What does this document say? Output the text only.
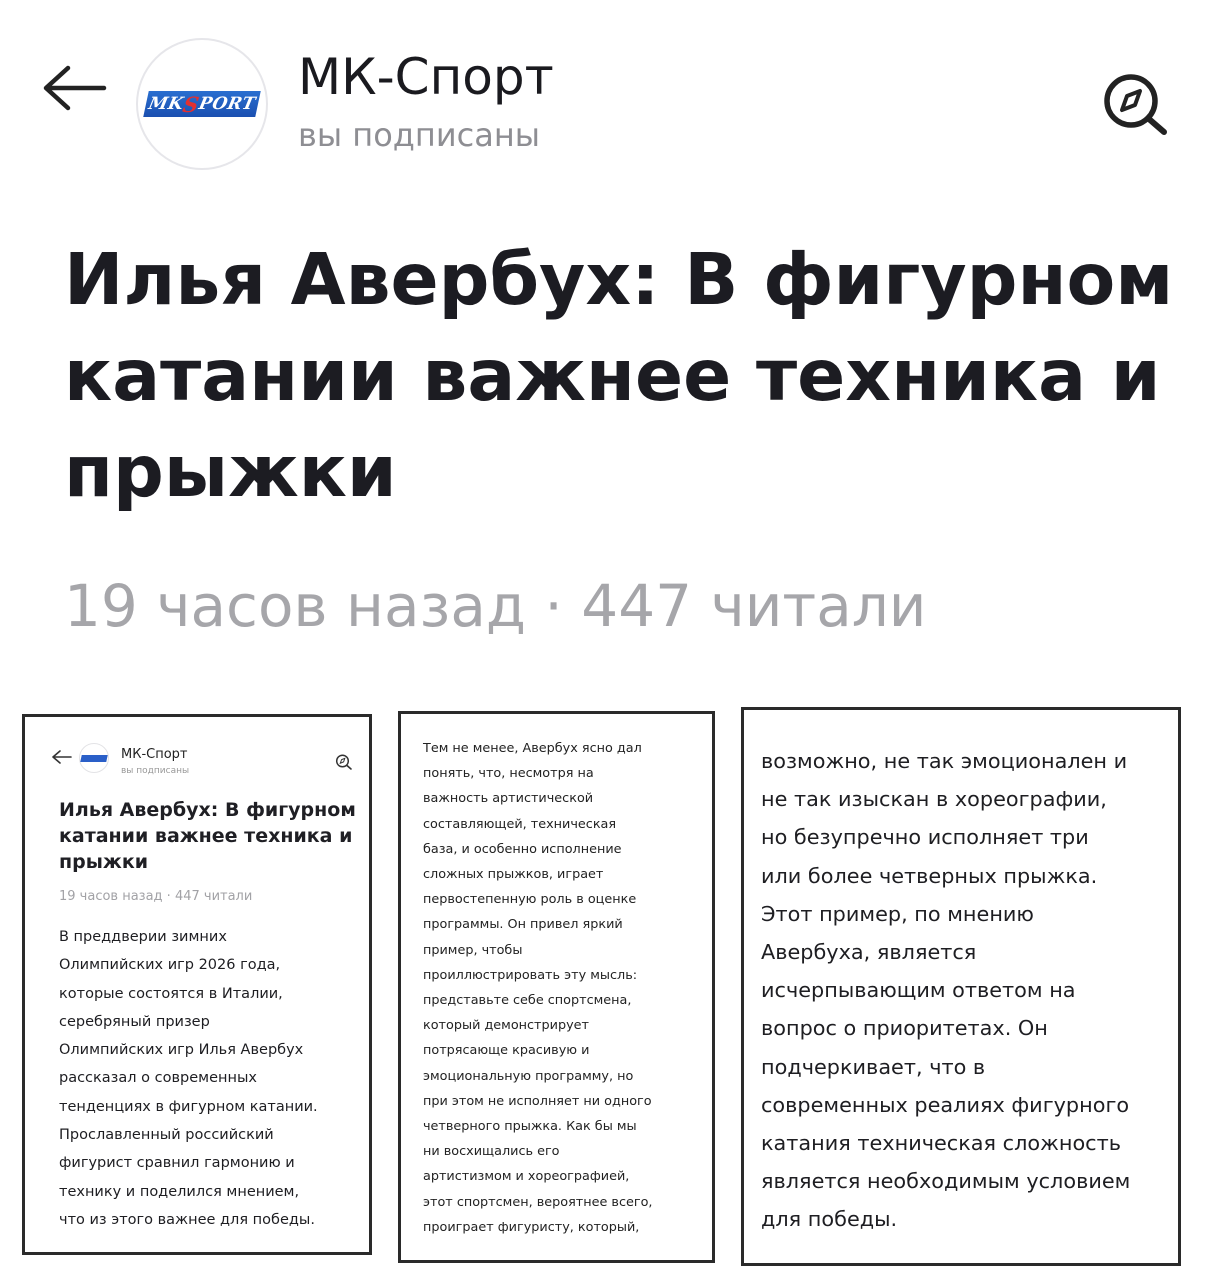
MK
S
PORT МК-Спорт
вы подписаны
Илья Авербух: В фигурном катании важнее техника и прыжки
19 часов назад · 447 читали
МК-Спорт
вы подписаны
Илья Авербух: В фигурном катании важнее техника и прыжки
19 часов назад · 447 читали
В преддверии зимних
Олимпийских игр 2026 года,
которые состоятся в Италии,
серебряный призер
Олимпийских игр Илья Авербух
рассказал о современных
тенденциях в фигурном катании.
Прославленный российский
фигурист сравнил гармонию и
технику и поделился мнением,
что из этого важнее для победы.
Тем не менее, Авербух ясно дал
понять, что, несмотря на
важность артистической
составляющей, техническая
база, и особенно исполнение
сложных прыжков, играет
первостепенную роль в оценке
программы. Он привел яркий
пример, чтобы
проиллюстрировать эту мысль:
представьте себе спортсмена,
который демонстрирует
потрясающе красивую и
эмоциональную программу, но
при этом не исполняет ни одного
четверного прыжка. Как бы мы
ни восхищались его
артистизмом и хореографией,
этот спортсмен, вероятнее всего,
проиграет фигуристу, который,
возможно, не так эмоционален и
не так изыскан в хореографии,
но безупречно исполняет три
или более четверных прыжка.
Этот пример, по мнению
Авербуха, является
исчерпывающим ответом на
вопрос о приоритетах. Он
подчеркивает, что в
современных реалиях фигурного
катания техническая сложность
является необходимым условием
для победы.
